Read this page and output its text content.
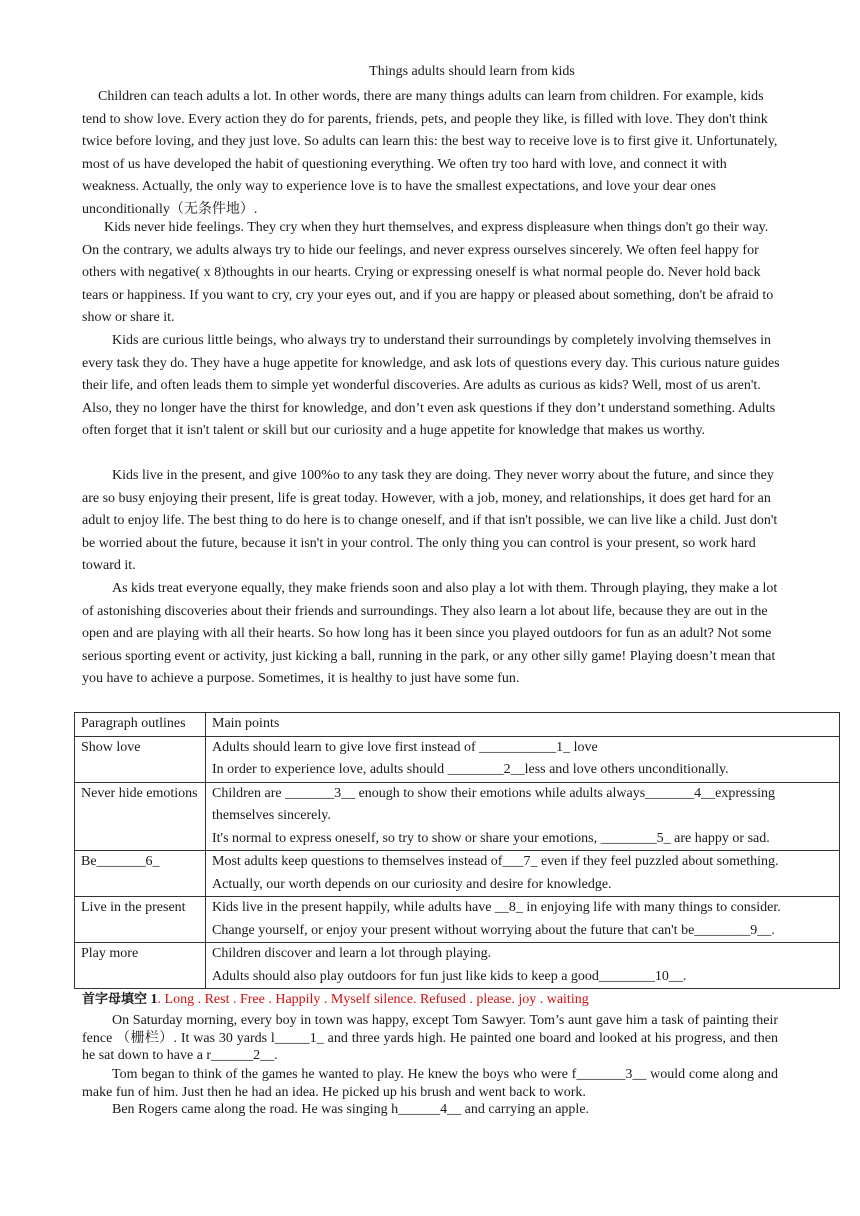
Things adults should learn from kids

Children can teach adults a lot. In other words, there are many things adults can learn from children. For example, kids tend to show love. Every action they do for parents, friends, pets, and people they like, is filled with love. They don't think twice before loving, and they just love. So adults can learn this: the best way to receive love is to first give it. Unfortunately, most of us have developed the habit of questioning everything. We often try too hard with love, and connect it with weakness. Actually, the only way to experience love is to have the smallest expectations, and love your dear ones unconditionally（无条件地）.

Kids never hide feelings. They cry when they hurt themselves, and express displeasure when things don't go their way. On the contrary, we adults always try to hide our feelings, and never express ourselves sincerely. We often feel happy for others with negative( x 8)thoughts in our hearts. Crying or expressing oneself is what normal people do. Never hold back tears or happiness. If you want to cry, cry your eyes out, and if you are happy or pleased about something, don't be afraid to show or share it.

Kids are curious little beings, who always try to understand their surroundings by completely involving themselves in every task they do. They have a huge appetite for knowledge, and ask lots of questions every day. This curious nature guides their life, and often leads them to simple yet wonderful discoveries. Are adults as curious as kids? Well, most of us aren't. Also, they no longer have the thirst for knowledge, and don’t even ask questions if they don’t understand something. Adults often forget that it isn't talent or skill but our curiosity and a huge appetite for knowledge that makes us worthy.

Kids live in the present, and give 100%o to any task they are doing. They never worry about the future, and since they are so busy enjoying their present, life is great today. However, with a job, money, and relationships, it does get hard for an adult to enjoy life. The best thing to do here is to change oneself, and if that isn't possible, we can live like a child. Just don't be worried about the future, because it isn't in your control. The only thing you can control is your present, so work hard toward it.

As kids treat everyone equally, they make friends soon and also play a lot with them. Through playing, they make a lot of astonishing discoveries about their friends and surroundings. They also learn a lot about life, because they are out in the open and are playing with all their hearts. So how long has it been since you played outdoors for fun as an adult? Not some serious sporting event or activity, just kicking a ball, running in the park, or any other silly game! Playing doesn’t mean that you have to achieve a purpose. Sometimes, it is healthy to just have some fun.

Paragraph outlines	Main points
Show love	Adults should learn to give love first instead of ___________1_ love
In order to experience love, adults should ________2__less and love others unconditionally.

Never hide emotions	Children are _______3__ enough to show their emotions while adults always_______4__expressing themselves sincerely.
It's normal to express oneself, so try to show or share your emotions, ________5_ are happy or sad.

Be_______6_	Most adults keep questions to themselves instead of___7_ even if they feel puzzled about something.
Actually, our worth depends on our curiosity and desire for knowledge.

Live in the present	Kids live in the present happily, while adults have __8_ in enjoying life with many things to consider.
Change yourself, or enjoy your present without worrying about the future that can't be________9__.

Play more	Children discover and learn a lot through playing.
Adults should also play outdoors for fun just like kids to keep a good________10__.
首字母填空 1. Long . Rest . Free . Happily . Myself silence. Refused . please. joy . waiting

On Saturday morning, every boy in town was happy, except Tom Sawyer. Tom’s aunt gave him a task of painting their fence （栅栏）. It was 30 yards l_____1_ and three yards high. He painted one board and looked at his progress, and then he sat down to have a r______2__.

Tom began to think of the games he wanted to play. He knew the boys who were f_______3__ would come along and make fun of him. Just then he had an idea. He picked up his brush and went back to work.

Ben Rogers came along the road. He was singing h______4__ and carrying an apple.
